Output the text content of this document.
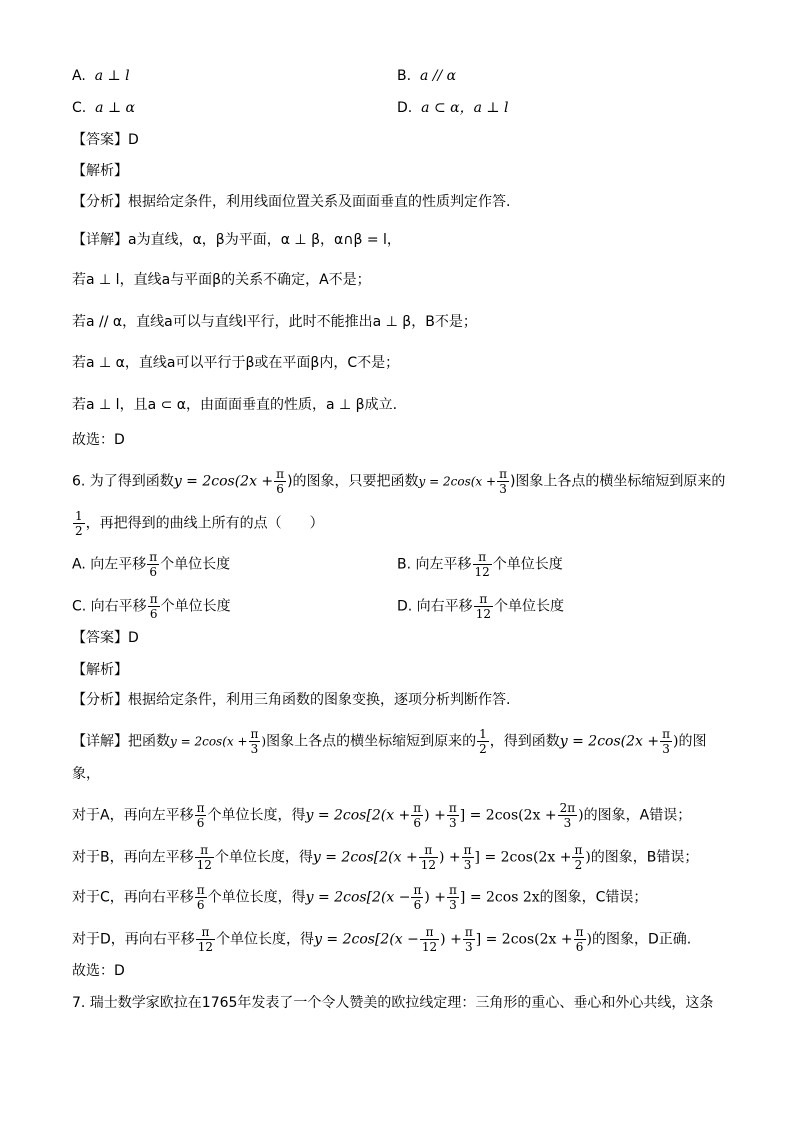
A. a ⊥ l	B. a // α
C. a ⊥ α	D. a ⊂ α，a ⊥ l
【答案】D
【解析】
【分析】根据给定条件，利用线面位置关系及面面垂直的性质判定作答.
【详解】a为直线，α，β为平面，α ⊥ β，α∩β = l，
若a ⊥ l，直线a与平面β的关系不确定，A不是；
若a // α，直线a可以与直线l平行，此时不能推出a ⊥ β，B不是；
若a ⊥ α，直线a可以平行于β或在平面β内，C不是；
若a ⊥ l，且a ⊂ α，由面面垂直的性质，a ⊥ β成立.
故选：D
6. 为了得到函数$y = 2\cos(2x + \frac{\pi}{6}$ )的图象，只要把函数$y = 2\cos(x + \frac{\pi}{3}$ )图象上各点的横坐标缩短到原来的
$\frac{1}{2}$ ，再把得到的曲线上所有的点（　　）
A. 向左平移 $\frac{\pi}{6}$ 个单位长度	B. 向左平移 $\frac{\pi}{12}$ 个单位长度
C. 向右平移 $\frac{\pi}{6}$ 个单位长度	D. 向右平移 $\frac{\pi}{12}$ 个单位长度
【答案】D
【解析】
【分析】根据给定条件，利用三角函数的图象变换，逐项分析判断作答.
【详解】把函数$y = 2\cos(x + \frac{\pi}{3}$ )图象上各点的横坐标缩短到原来的 $\frac{1}{2}$ ，得到函数$y = 2\cos(2x + \frac{\pi}{3}$ )的图
象，
对于A，再向左平移 $\frac{\pi}{6}$ 个单位长度，得$y = 2\cos[2(x + \frac{\pi}{6}$ ) + $\frac{\pi}{3}$ ] = $2\cos(2x + \frac{2\pi}{3}$ )的图象，A错误；
对于B，再向左平移 $\frac{\pi}{12}$ 个单位长度，得$y = 2\cos[2(x + \frac{\pi}{12}$ ) + $\frac{\pi}{3}$ ] = $2\cos(2x + \frac{\pi}{2}$ )的图象，B错误；
对于C，再向右平移 $\frac{\pi}{6}$ 个单位长度，得$y = 2\cos[2(x - \frac{\pi}{6}$ ) + $\frac{\pi}{3}$ ] = 2cos 2x的图象，C错误；
对于D，再向右平移 $\frac{\pi}{12}$ 个单位长度，得$y = 2\cos[2(x - \frac{\pi}{12}$ ) + $\frac{\pi}{3}$ ] = $2\cos(2x + \frac{\pi}{6}$ )的图象，D正确.
故选：D
7. 瑞士数学家欧拉在1765年发表了一个令人赞美的欧拉线定理：三角形的重心、垂心和外心共线，这条
